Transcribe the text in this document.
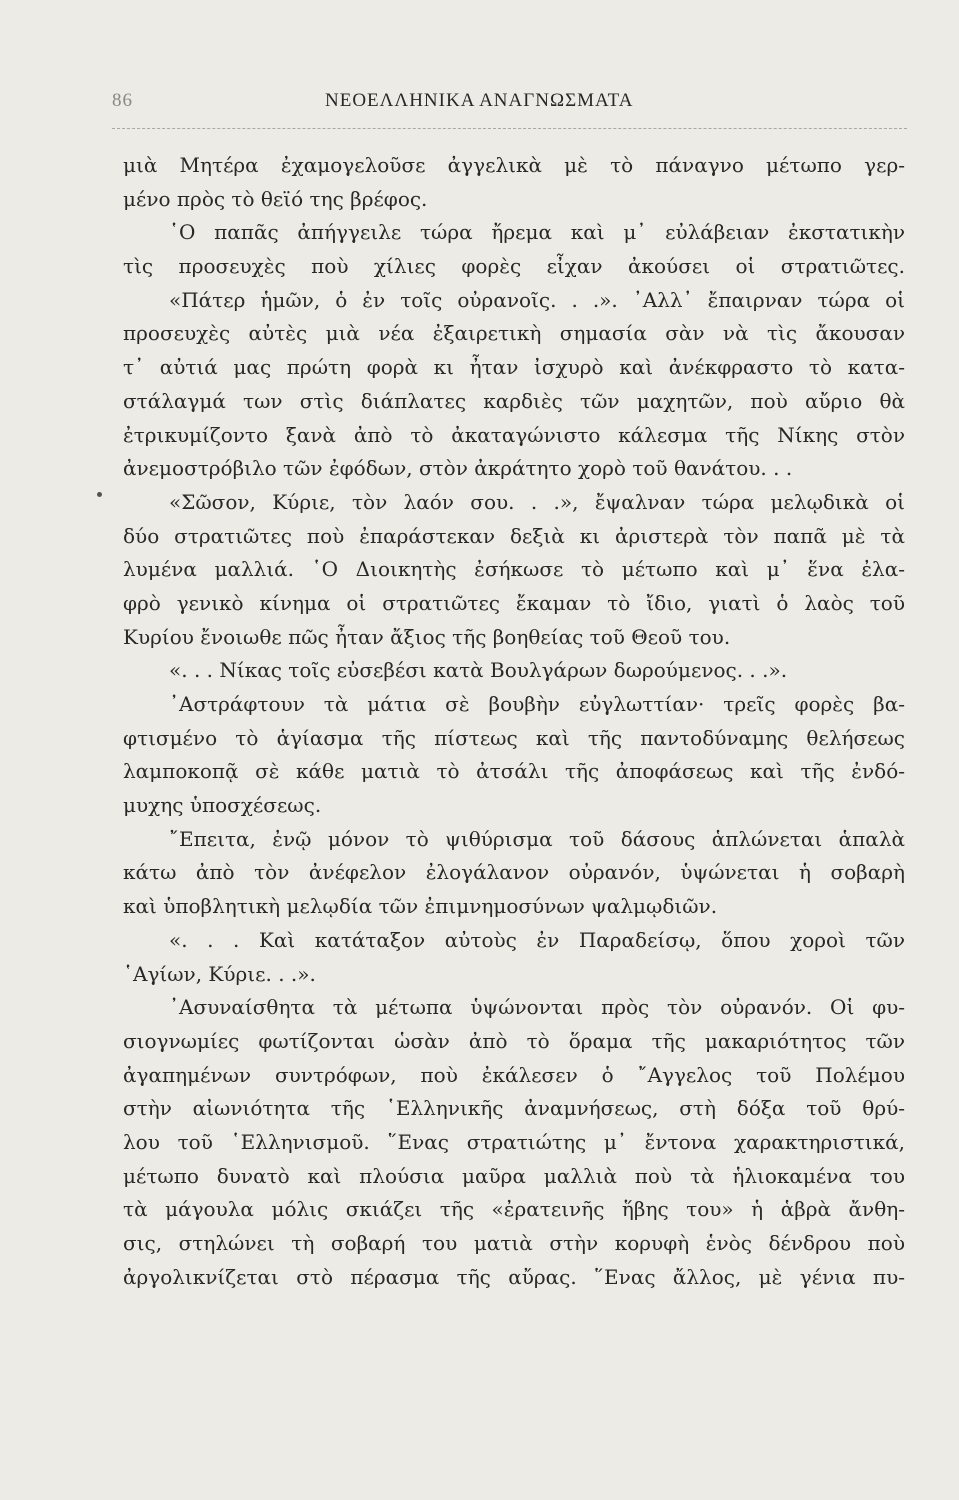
86	ΝΕΟΕΛΛΗΝΙΚΑ ΑΝΑΓΝΩΣΜΑΤΑ
μιὰ Μητέρα ἐχαμογελοῦσε ἀγγελικὰ μὲ τὸ πάναγνο μέτωπο γερ-
μένο πρὸς τὸ θεϊό της βρέφος.
῾Ο παπᾶς ἀπήγγειλε τώρα ἤρεμα καὶ μ᾽ εὐλάβειαν ἐκστατικὴν
τὶς προσευχὲς ποὺ χίλιες φορὲς εἶχαν ἀκούσει οἱ στρατιῶτες.
«Πάτερ ἡμῶν, ὁ ἐν τοῖς οὐρανοῖς. . .». ᾿Αλλ᾽ ἔπαιρναν τώρα οἱ
προσευχὲς αὐτὲς μιὰ νέα ἐξαιρετικὴ σημασία σὰν νὰ τὶς ἄκουσαν
τ᾽ αὐτιά μας πρώτη φορὰ κι ἦταν ἰσχυρὸ καὶ ἀνέκφραστο τὸ κατα-
στάλαγμά των στὶς διάπλατες καρδιὲς τῶν μαχητῶν, ποὺ αὔριο θὰ
ἐτρικυμίζοντο ξανὰ ἀπὸ τὸ ἀκαταγώνιστο κάλεσμα τῆς Νίκης στὸν
ἀνεμοστρόβιλο τῶν ἐφόδων, στὸν ἀκράτητο χορὸ τοῦ θανάτου. . .
«Σῶσον, Κύριε, τὸν λαόν σου. . .», ἔψαλναν τώρα μελῳδικὰ οἱ
δύο στρατιῶτες ποὺ ἐπαράστεκαν δεξιὰ κι ἀριστερὰ τὸν παπᾶ μὲ τὰ
λυμένα μαλλιά. ῾Ο Διοικητὴς ἐσήκωσε τὸ μέτωπο καὶ μ᾽ ἕνα ἐλα-
φρὸ γενικὸ κίνημα οἱ στρατιῶτες ἔκαμαν τὸ ἴδιο, γιατὶ ὁ λαὸς τοῦ
Κυρίου ἔνοιωθε πῶς ἦταν ἄξιος τῆς βοηθείας τοῦ Θεοῦ του.
«. . . Νίκας τοῖς εὐσεβέσι κατὰ Βουλγάρων δωρούμενος. . .».
᾿Αστράφτουν τὰ μάτια σὲ βουβὴν εὐγλωττίαν· τρεῖς φορὲς βα-
φτισμένο τὸ ἁγίασμα τῆς πίστεως καὶ τῆς παντοδύναμης θελήσεως
λαμποκοπᾷ σὲ κάθε ματιὰ τὸ ἀτσάλι τῆς ἀποφάσεως καὶ τῆς ἐνδό-
μυχης ὑποσχέσεως.
῎Επειτα, ἐνῷ μόνον τὸ ψιθύρισμα τοῦ δάσους ἁπλώνεται ἁπαλὰ
κάτω ἀπὸ τὸν ἀνέφελον ἐλογάλανον οὐρανόν, ὑψώνεται ἡ σοβαρὴ
καὶ ὑποβλητικὴ μελῳδία τῶν ἐπιμνημοσύνων ψαλμῳδιῶν.
«. . . Καὶ κατάταξον αὐτοὺς ἐν Παραδείσῳ, ὅπου χοροὶ τῶν
῾Αγίων, Κύριε. . .».
᾿Ασυναίσθητα τὰ μέτωπα ὑψώνονται πρὸς τὸν οὐρανόν. Οἱ φυ-
σιογνωμίες φωτίζονται ὡσὰν ἀπὸ τὸ ὅραμα τῆς μακαριότητος τῶν
ἀγαπημένων συντρόφων, ποὺ ἐκάλεσεν ὁ ῎Αγγελος τοῦ Πολέμου
στὴν αἰωνιότητα τῆς ῾Ελληνικῆς ἀναμνήσεως, στὴ δόξα τοῦ θρύ-
λου τοῦ ῾Ελληνισμοῦ. ῞Ενας στρατιώτης μ᾽ ἔντονα χαρακτηριστικά,
μέτωπο δυνατὸ καὶ πλούσια μαῦρα μαλλιὰ ποὺ τὰ ἡλιοκαμένα του
τὰ μάγουλα μόλις σκιάζει τῆς «ἐρατεινῆς ἥβης του» ἡ ἁβρὰ ἄνθη-
σις, στηλώνει τὴ σοβαρή του ματιὰ στὴν κορυφὴ ἑνὸς δένδρου ποὺ
ἀργολικνίζεται στὸ πέρασμα τῆς αὔρας. ῞Ενας ἄλλος, μὲ γένια πυ-
